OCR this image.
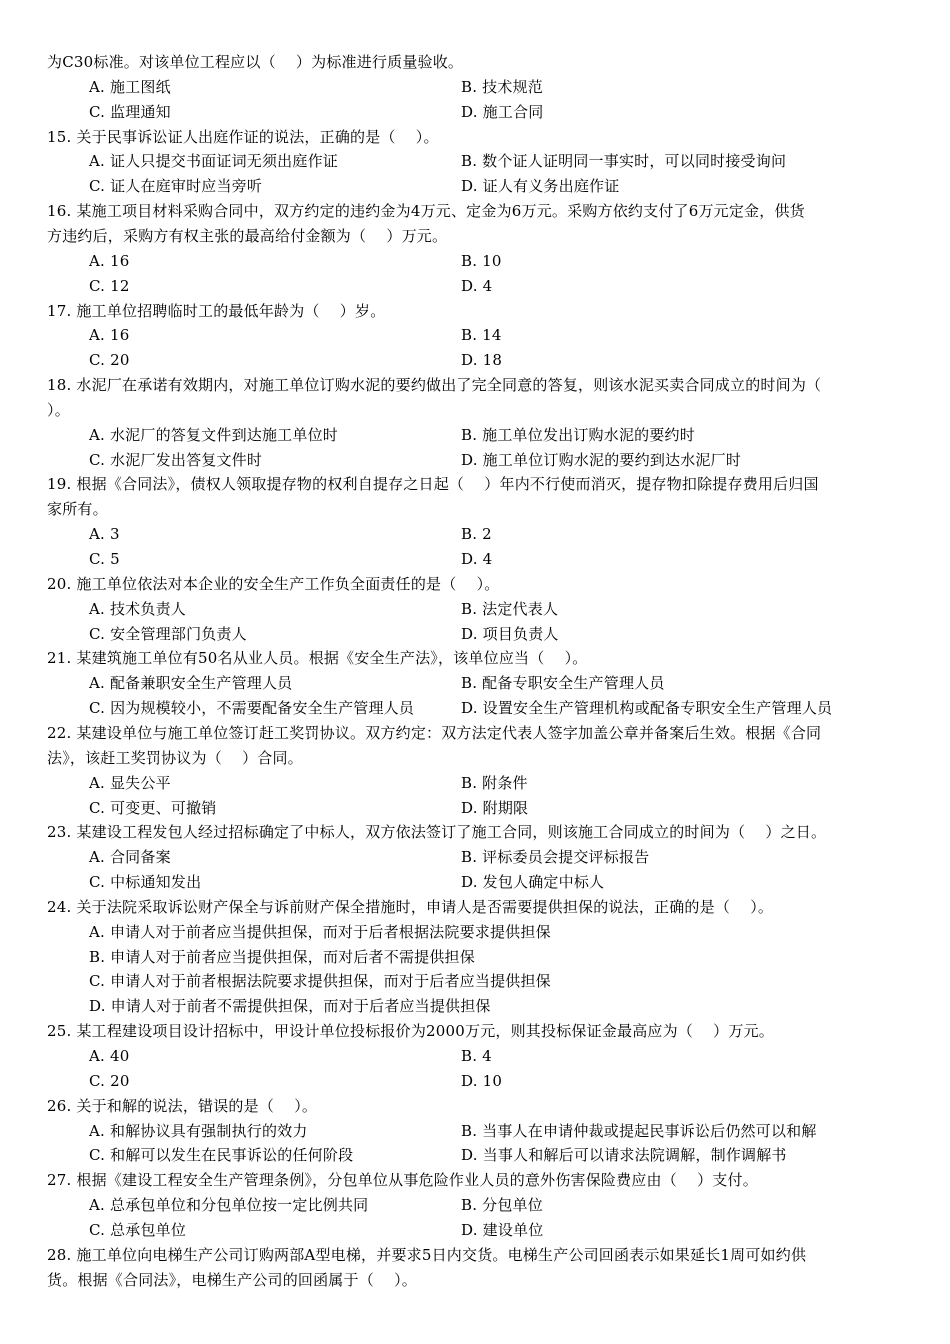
为C30标准。对该单位工程应以（　 ）为标准进行质量验收。
A. 施工图纸	B. 技术规范
C. 监理通知	D. 施工合同
15. 关于民事诉讼证人出庭作证的说法，正确的是（　 ）。
A. 证人只提交书面证词无须出庭作证	B. 数个证人证明同一事实时，可以同时接受询问
C. 证人在庭审时应当旁听	D. 证人有义务出庭作证
16. 某施工项目材料采购合同中，双方约定的违约金为4万元、定金为6万元。采购方依约支付了6万元定金，供货
方违约后，采购方有权主张的最高给付金额为（　 ）万元。
A. 16	B. 10
C. 12	D. 4
17. 施工单位招聘临时工的最低年龄为（　 ）岁。
A. 16	B. 14
C. 20	D. 18
18. 水泥厂在承诺有效期内，对施工单位订购水泥的要约做出了完全同意的答复，则该水泥买卖合同成立的时间为（
）。
A. 水泥厂的答复文件到达施工单位时	B. 施工单位发出订购水泥的要约时
C. 水泥厂发出答复文件时	D. 施工单位订购水泥的要约到达水泥厂时
19. 根据《合同法》，债权人领取提存物的权利自提存之日起（　 ）年内不行使而消灭，提存物扣除提存费用后归国
家所有。
A. 3	B. 2
C. 5	D. 4
20. 施工单位依法对本企业的安全生产工作负全面责任的是（　 ）。
A. 技术负责人	B. 法定代表人
C. 安全管理部门负责人	D. 项目负责人
21. 某建筑施工单位有50名从业人员。根据《安全生产法》，该单位应当（　 ）。
A. 配备兼职安全生产管理人员	B. 配备专职安全生产管理人员
C. 因为规模较小，不需要配备安全生产管理人员	D. 设置安全生产管理机构或配备专职安全生产管理人员
22. 某建设单位与施工单位签订赶工奖罚协议。双方约定：双方法定代表人签字加盖公章并备案后生效。根据《合同
法》，该赶工奖罚协议为（　 ）合同。
A. 显失公平	B. 附条件
C. 可变更、可撤销	D. 附期限
23. 某建设工程发包人经过招标确定了中标人，双方依法签订了施工合同，则该施工合同成立的时间为（　 ）之日。
A. 合同备案	B. 评标委员会提交评标报告
C. 中标通知发出	D. 发包人确定中标人
24. 关于法院采取诉讼财产保全与诉前财产保全措施时，申请人是否需要提供担保的说法，正确的是（　 ）。
A. 申请人对于前者应当提供担保，而对于后者根据法院要求提供担保
B. 申请人对于前者应当提供担保，而对后者不需提供担保
C. 申请人对于前者根据法院要求提供担保，而对于后者应当提供担保
D. 申请人对于前者不需提供担保，而对于后者应当提供担保
25. 某工程建设项目设计招标中，甲设计单位投标报价为2000万元，则其投标保证金最高应为（　 ）万元。
A. 40	B. 4
C. 20	D. 10
26. 关于和解的说法，错误的是（　 ）。
A. 和解协议具有强制执行的效力	B. 当事人在申请仲裁或提起民事诉讼后仍然可以和解
C. 和解可以发生在民事诉讼的任何阶段	D. 当事人和解后可以请求法院调解，制作调解书
27. 根据《建设工程安全生产管理条例》，分包单位从事危险作业人员的意外伤害保险费应由（　 ）支付。
A. 总承包单位和分包单位按一定比例共同	B. 分包单位
C. 总承包单位	D. 建设单位
28. 施工单位向电梯生产公司订购两部A型电梯，并要求5日内交货。电梯生产公司回函表示如果延长1周可如约供
货。根据《合同法》，电梯生产公司的回函属于（　 ）。
